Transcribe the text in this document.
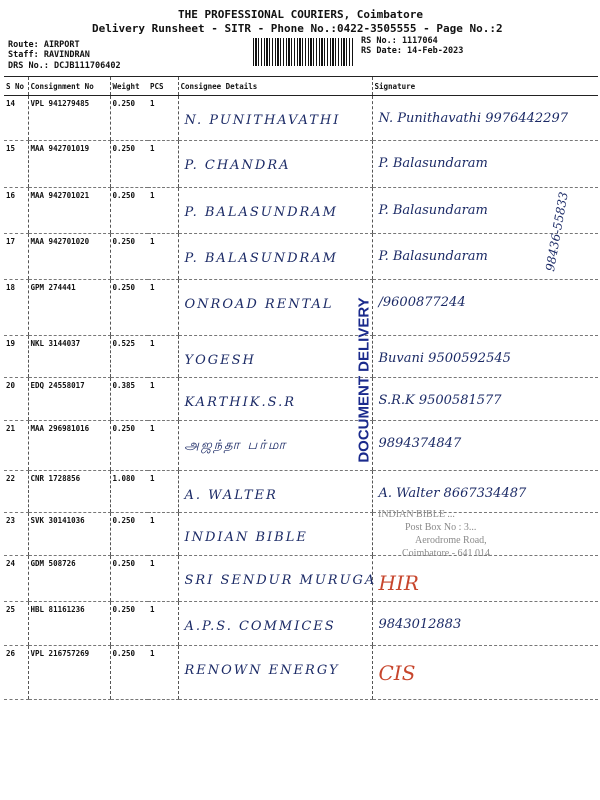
THE PROFESSIONAL COURIERS, Coimbatore
Delivery Runsheet - SITR - Phone No.:0422-3505555 - Page No.:2
Route: AIRPORT
Staff: RAVINDRAN
DRS No.: DCJB111706402
RS No.: 1117064
RS Date: 14-Feb-2023
S No	Consignment No	Weight	PCS	Consignee Details	Signature
14	VPL 941279485	0.250	1	N. PUNITHAVATHI	N. Punithavathi 9976442297
15	MAA 942701019	0.250	1	P. CHANDRA	P. Balasundaram
16	MAA 942701021	0.250	1	P. BALASUNDRAM	P. Balasundaram
17	MAA 942701020	0.250	1	P. BALASUNDRAM	P. Balasundaram
18	GPM 274441	0.250	1	ONROAD RENTAL	/9600877244
19	NKL 3144037	0.525	1	YOGESH	Buvani 9500592545
20	EDQ 24558017	0.385	1	KARTHIK.S.R	S.R.K 9500581577
21	MAA 296981016	0.250	1	அஜந்தா பர்மா	9894374847
22	CNR 1728856	1.080	1	A. WALTER	A. Walter 8667334487
23	SVK 30141036	0.250	1	INDIAN BIBLE	
24	GDM 508726	0.250	1	SRI SENDUR MURUGA	HIR
25	HBL 81161236	0.250	1	A.P.S. COMMICES	9843012883
26	VPL 216757269	0.250	1	RENOWN ENERGY	CIS
DOCUMENT DELIVERY
INDIAN BIBLE ...
Post Box No : 3...
Aerodrome Road,
Coimbatore - 641 014.
98436-55833
